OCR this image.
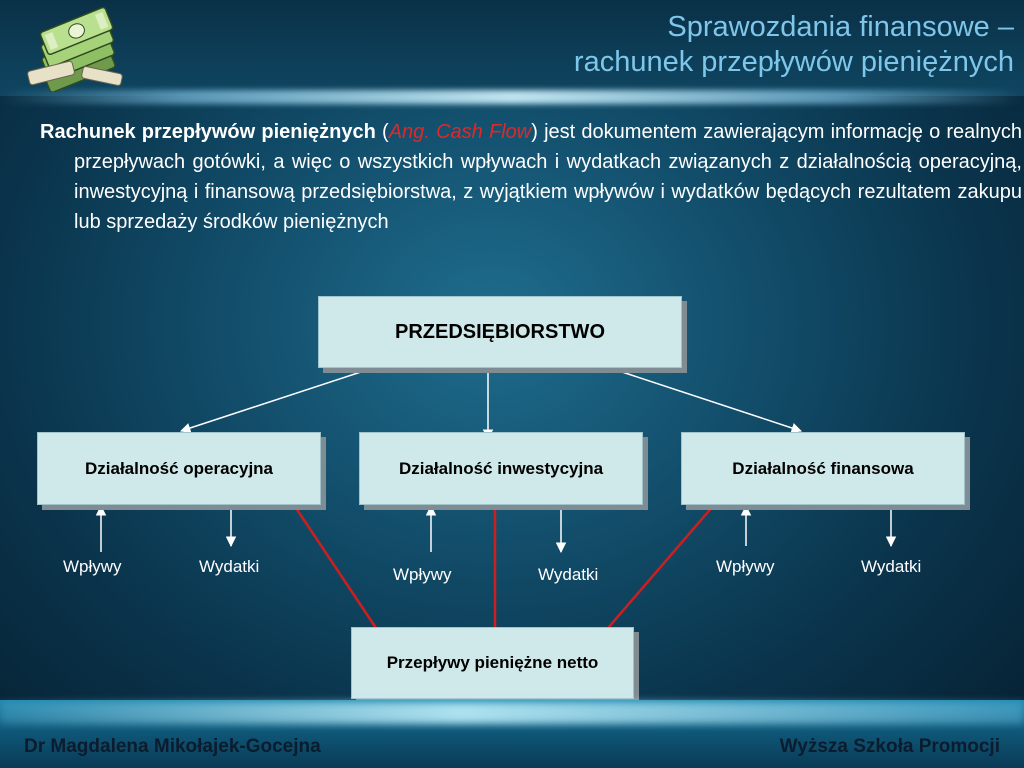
Sprawozdania finansowe –
rachunek przepływów pieniężnych
Rachunek przepływów pieniężnych (Ang. Cash Flow) jest dokumentem zawierającym informację o realnych przepływach gotówki, a więc o wszystkich wpływach i wydatkach związanych z działalnością operacyjną, inwestycyjną i finansową przedsiębiorstwa, z wyjątkiem wpływów i wydatków będących rezultatem zakupu lub sprzedaży środków pieniężnych
PRZEDSIĘBIORSTWO
Działalność operacyjna	Działalność inwestycyjna	Działalność finansowa
Wpływy	Wydatki	Wpływy	Wydatki	Wpływy	Wydatki
Przepływy pieniężne netto
Dr Magdalena Mikołajek-Gocejna	Wyższa Szkoła Promocji
